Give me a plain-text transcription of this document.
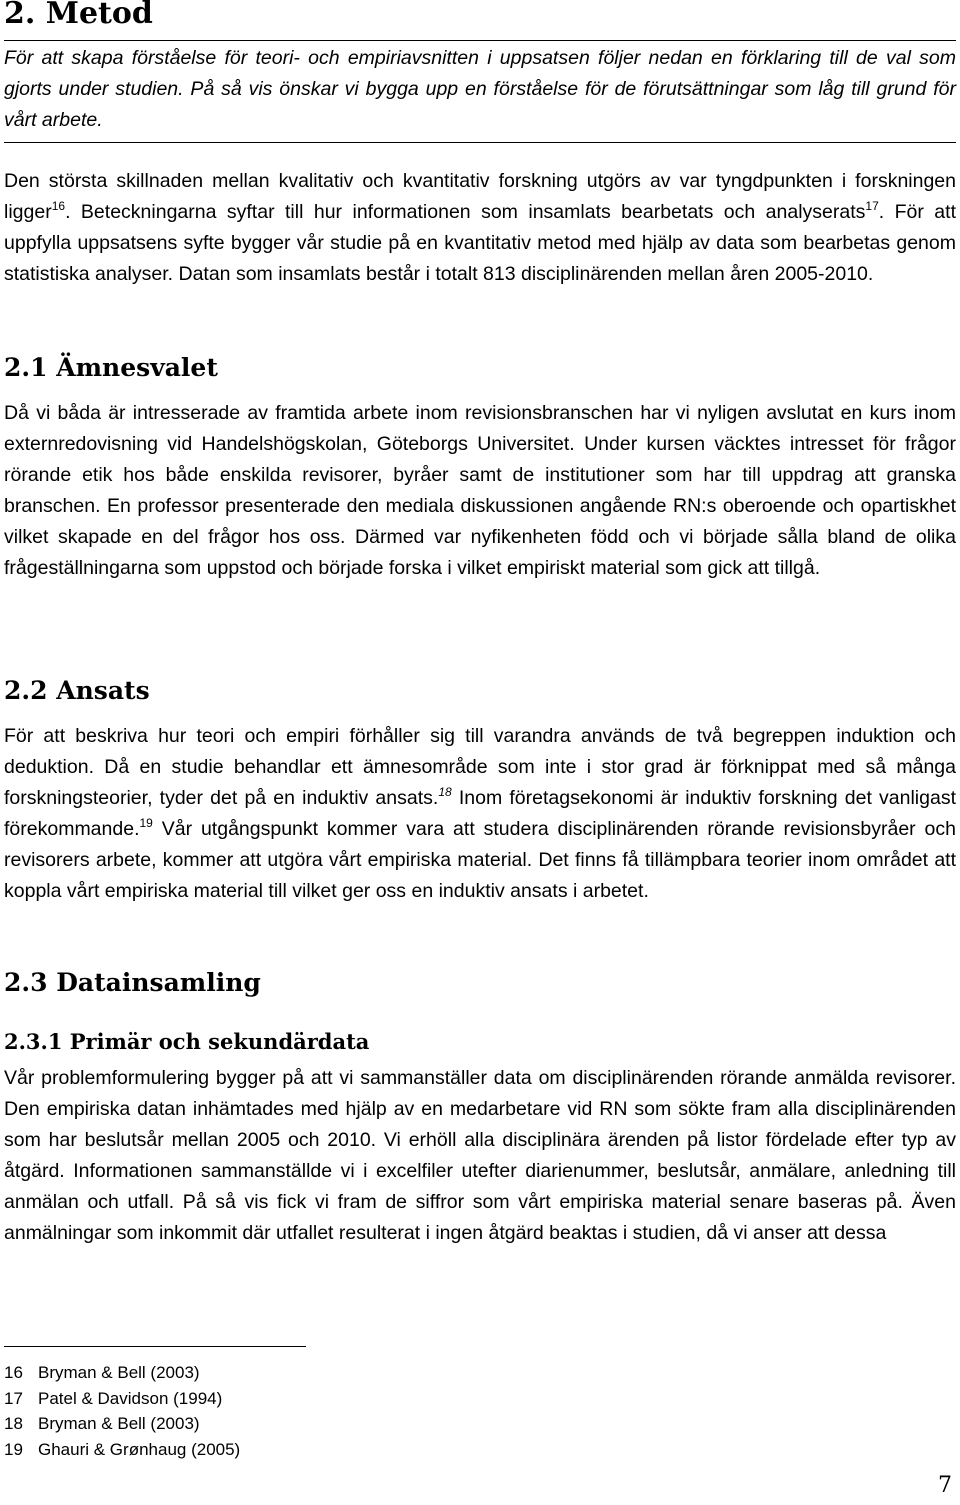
2. Metod

För att skapa förståelse för teori- och empiriavsnitten i uppsatsen följer nedan en förklaring till de val som gjorts under studien. På så vis önskar vi bygga upp en förståelse för de förutsättningar som låg till grund för vårt arbete.

Den största skillnaden mellan kvalitativ och kvantitativ forskning utgörs av var tyngdpunkten i forskningen ligger$^{16}$. Beteckningarna syftar till hur informationen som insamlats bearbetats och analyserats$^{17}$. För att uppfylla uppsatsens syfte bygger vår studie på en kvantitativ metod med hjälp av data som bearbetas genom statistiska analyser. Datan som insamlats består i totalt 813 disciplinärenden mellan åren 2005-2010.

2.1 Ämnesvalet

Då vi båda är intresserade av framtida arbete inom revisionsbranschen har vi nyligen avslutat en kurs inom externredovisning vid Handelshögskolan, Göteborgs Universitet. Under kursen väcktes intresset för frågor rörande etik hos både enskilda revisorer, byråer samt de institutioner som har till uppdrag att granska branschen. En professor presenterade den mediala diskussionen angående RN:s oberoende och opartiskhet vilket skapade en del frågor hos oss. Därmed var nyfikenheten född och vi började sålla bland de olika frågeställningarna som uppstod och började forska i vilket empiriskt material som gick att tillgå.

2.2 Ansats

För att beskriva hur teori och empiri förhåller sig till varandra används de två begreppen induktion och deduktion. Då en studie behandlar ett ämnesområde som inte i stor grad är förknippat med så många forskningsteorier, tyder det på en induktiv ansats.$^{18}$ Inom företagsekonomi är induktiv forskning det vanligast förekommande.$^{19}$ Vår utgångspunkt kommer vara att studera disciplinärenden rörande revisionsbyråer och revisorers arbete, kommer att utgöra vårt empiriska material. Det finns få tillämpbara teorier inom området att koppla vårt empiriska material till vilket ger oss en induktiv ansats i arbetet.

2.3 Datainsamling
2.3.1 Primär och sekundärdata

Vår problemformulering bygger på att vi sammanställer data om disciplinärenden rörande anmälda revisorer. Den empiriska datan inhämtades med hjälp av en medarbetare vid RN som sökte fram alla disciplinärenden som har beslutsår mellan 2005 och 2010. Vi erhöll alla disciplinära ärenden på listor fördelade efter typ av åtgärd. Informationen sammanställde vi i excelfiler utefter diarienummer, beslutsår, anmälare, anledning till anmälan och utfall. På så vis fick vi fram de siffror som vårt empiriska material senare baseras på. Även anmälningar som inkommit där utfallet resulterat i ingen åtgärd beaktas i studien, då vi anser att dessa

16 Bryman & Bell (2003)
17 Patel & Davidson (1994)
18 Bryman & Bell (2003)
19 Ghauri & Grønhaug (2005)
7
